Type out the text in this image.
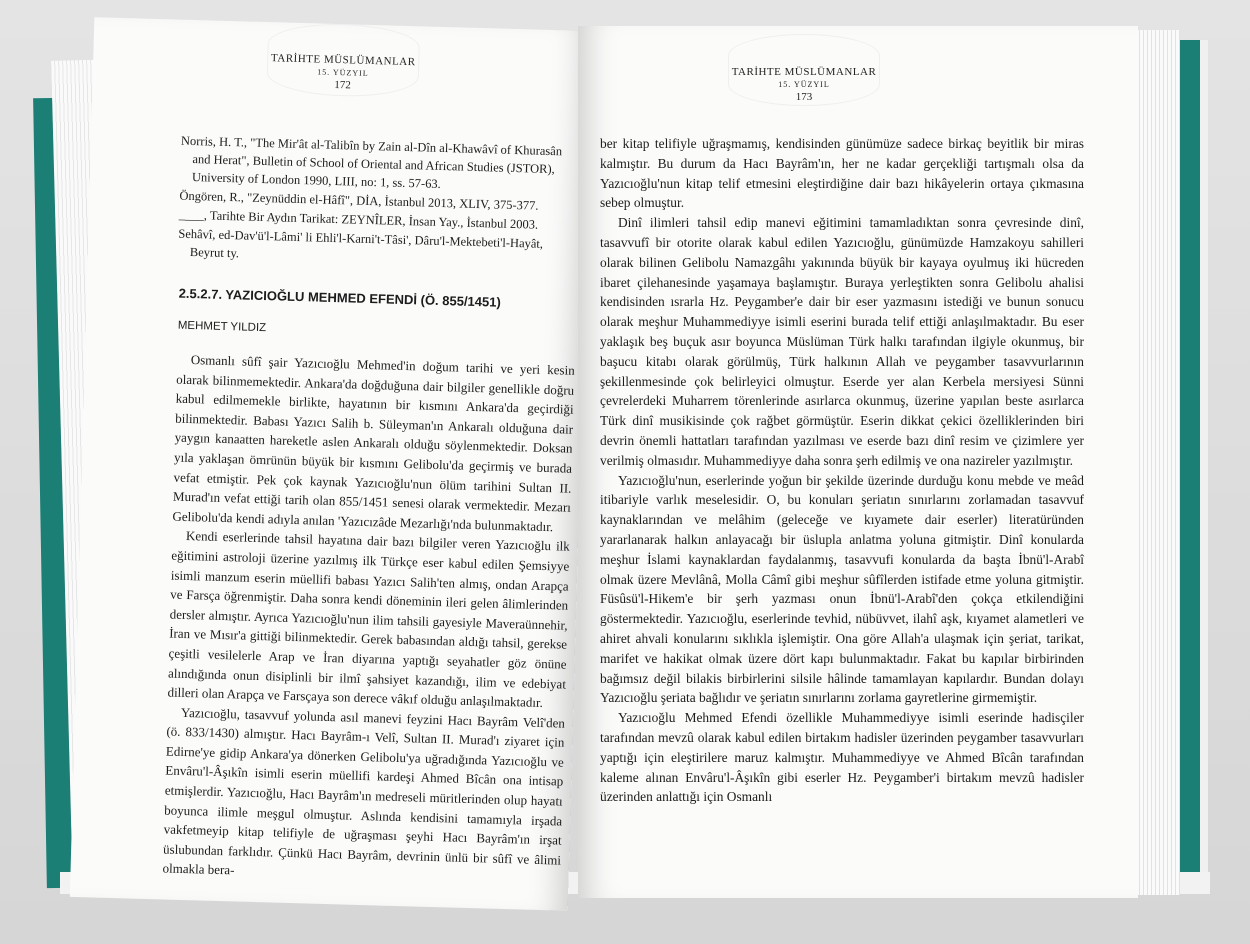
TARİHTE MÜSLÜMANLAR
15. YÜZYIL
172

Norris, H. T., "The Mir'ât al-Talibîn by Zain al-Dîn al-Khawâvî of Khurasân and Herat", Bulletin of School of Oriental and African Studies (JSTOR), University of London 1990, LIII, no: 1, ss. 57-63.

Öngören, R., "Zeynüddin el-Hâfî", DİA, İstanbul 2013, XLIV, 375-377.

____, Tarihte Bir Aydın Tarikat: ZEYNÎLER, İnsan Yay., İstanbul 2003.

Sehâvî, ed-Dav'ü'l-Lâmi' li Ehli'l-Karni't-Tâsi', Dâru'l-Mektebeti'l-Hayât, Beyrut ty.

2.5.2.7. YAZICIOĞLU MEHMED EFENDİ (Ö. 855/1451)
MEHMET YILDIZ

Osmanlı sûfî şair Yazıcıoğlu Mehmed'in doğum tarihi ve yeri kesin olarak bilinmemektedir. Ankara'da doğduğuna dair bilgiler genellikle doğru kabul edilmemekle birlikte, hayatının bir kısmını Ankara'da geçirdiği bilinmektedir. Babası Yazıcı Salih b. Süleyman'ın Ankaralı olduğuna dair yaygın kanaatten hareketle aslen Ankaralı olduğu söylenmektedir. Doksan yıla yaklaşan ömrünün büyük bir kısmını Gelibolu'da geçirmiş ve burada vefat etmiştir. Pek çok kaynak Yazıcıoğlu'nun ölüm tarihini Sultan II. Murad'ın vefat ettiği tarih olan 855/1451 senesi olarak vermektedir. Mezarı Gelibolu'da kendi adıyla anılan 'Yazıcızâde Mezarlığı'nda bulunmaktadır.

Kendi eserlerinde tahsil hayatına dair bazı bilgiler veren Yazıcıoğlu ilk eğitimini astroloji üzerine yazılmış ilk Türkçe eser kabul edilen Şemsiyye isimli manzum eserin müellifi babası Yazıcı Salih'ten almış, ondan Arapça ve Farsça öğrenmiştir. Daha sonra kendi döneminin ileri gelen âlimlerinden dersler almıştır. Ayrıca Yazıcıoğlu'nun ilim tahsili gayesiyle Maveraünnehir, İran ve Mısır'a gittiği bilinmektedir. Gerek babasından aldığı tahsil, gerekse çeşitli vesilelerle Arap ve İran diyarına yaptığı seyahatler göz önüne alındığında onun disiplinli bir ilmî şahsiyet kazandığı, ilim ve edebiyat dilleri olan Arapça ve Farsçaya son derece vâkıf olduğu anlaşılmaktadır.

Yazıcıoğlu, tasavvuf yolunda asıl manevi feyzini Hacı Bayrâm Velî'den (ö. 833/1430) almıştır. Hacı Bayrâm-ı Velî, Sultan II. Murad'ı ziyaret için Edirne'ye gidip Ankara'ya dönerken Gelibolu'ya uğradığında Yazıcıoğlu ve Envâru'l-Âşıkîn isimli eserin müellifi kardeşi Ahmed Bîcân ona intisap etmişlerdir. Yazıcıoğlu, Hacı Bayrâm'ın medreseli müritlerinden olup hayatı boyunca ilimle meşgul olmuştur. Aslında kendisini tamamıyla irşada vakfetmeyip kitap telifiyle de uğraşması şeyhi Hacı Bayrâm'ın irşat üslubundan farklıdır. Çünkü Hacı Bayrâm, devrinin ünlü bir sûfî ve âlimi olmakla bera-

TARİHTE MÜSLÜMANLAR
15. YÜZYIL
173

ber kitap telifiyle uğraşmamış, kendisinden günümüze sadece birkaç beyitlik bir miras kalmıştır. Bu durum da Hacı Bayrâm'ın, her ne kadar gerçekliği tartışmalı olsa da Yazıcıoğlu'nun kitap telif etmesini eleştirdiğine dair bazı hikâyelerin ortaya çıkmasına sebep olmuştur.

Dinî ilimleri tahsil edip manevi eğitimini tamamladıktan sonra çevresinde dinî, tasavvufî bir otorite olarak kabul edilen Yazıcıoğlu, günümüzde Hamzakoyu sahilleri olarak bilinen Gelibolu Namazgâhı yakınında büyük bir kayaya oyulmuş iki hücreden ibaret çilehanesinde yaşamaya başlamıştır. Buraya yerleştikten sonra Gelibolu ahalisi kendisinden ısrarla Hz. Peygamber'e dair bir eser yazmasını istediği ve bunun sonucu olarak meşhur Muhammediyye isimli eserini burada telif ettiği anlaşılmaktadır. Bu eser yaklaşık beş buçuk asır boyunca Müslüman Türk halkı tarafından ilgiyle okunmuş, bir başucu kitabı olarak görülmüş, Türk halkının Allah ve peygamber tasavvurlarının şekillenmesinde çok belirleyici olmuştur. Eserde yer alan Kerbela mersiyesi Sünni çevrelerdeki Muharrem törenlerinde asırlarca okunmuş, üzerine yapılan beste asırlarca Türk dinî musikisinde çok rağbet görmüştür. Eserin dikkat çekici özelliklerinden biri devrin önemli hattatları tarafından yazılması ve eserde bazı dinî resim ve çizimlere yer verilmiş olmasıdır. Muhammediyye daha sonra şerh edilmiş ve ona nazireler yazılmıştır.

Yazıcıoğlu'nun, eserlerinde yoğun bir şekilde üzerinde durduğu konu mebde ve meâd itibariyle varlık meselesidir. O, bu konuları şeriatın sınırlarını zorlamadan tasavvuf kaynaklarından ve melâhim (geleceğe ve kıyamete dair eserler) literatüründen yararlanarak halkın anlayacağı bir üslupla anlatma yoluna gitmiştir. Dinî konularda meşhur İslami kaynaklardan faydalanmış, tasavvufi konularda da başta İbnü'l-Arabî olmak üzere Mevlânâ, Molla Câmî gibi meşhur sûfîlerden istifade etme yoluna gitmiştir. Füsûsü'l-Hikem'e bir şerh yazması onun İbnü'l-Arabî'den çokça etkilendiğini göstermektedir. Yazıcıoğlu, eserlerinde tevhid, nübüvvet, ilahî aşk, kıyamet alametleri ve ahiret ahvali konularını sıklıkla işlemiştir. Ona göre Allah'a ulaşmak için şeriat, tarikat, marifet ve hakikat olmak üzere dört kapı bulunmaktadır. Fakat bu kapılar birbirinden bağımsız değil bilakis birbirlerini silsile hâlinde tamamlayan kapılardır. Bundan dolayı Yazıcıoğlu şeriata bağlıdır ve şeriatın sınırlarını zorlama gayretlerine girmemiştir.

Yazıcıoğlu Mehmed Efendi özellikle Muhammediyye isimli eserinde hadisçiler tarafından mevzû olarak kabul edilen birtakım hadisler üzerinden peygamber tasavvurları yaptığı için eleştirilere maruz kalmıştır. Muhammediyye ve Ahmed Bîcân tarafından kaleme alınan Envâru'l-Âşıkîn gibi eserler Hz. Peygamber'i birtakım mevzû hadisler üzerinden anlattığı için Osmanlı
